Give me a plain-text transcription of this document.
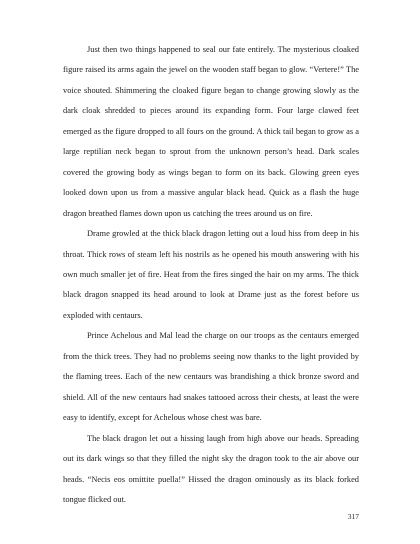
Just then two things happened to seal our fate entirely. The mysterious cloaked figure raised its arms again the jewel on the wooden staff began to glow. “Vertere!” The voice shouted. Shimmering the cloaked figure began to change growing slowly as the dark cloak shredded to pieces around its expanding form. Four large clawed feet emerged as the figure dropped to all fours on the ground. A thick tail began to grow as a large reptilian neck began to sprout from the unknown person’s head. Dark scales covered the growing body as wings began to form on its back. Glowing green eyes looked down upon us from a massive angular black head. Quick as a flash the huge dragon breathed flames down upon us catching the trees around us on fire.

Drame growled at the thick black dragon letting out a loud hiss from deep in his throat. Thick rows of steam left his nostrils as he opened his mouth answering with his own much smaller jet of fire. Heat from the fires singed the hair on my arms. The thick black dragon snapped its head around to look at Drame just as the forest before us exploded with centaurs.

Prince Achelous and Mal lead the charge on our troops as the centaurs emerged from the thick trees. They had no problems seeing now thanks to the light provided by the flaming trees. Each of the new centaurs was brandishing a thick bronze sword and shield. All of the new centaurs had snakes tattooed across their chests, at least the were easy to identify, except for Achelous whose chest was bare.

The black dragon let out a hissing laugh from high above our heads. Spreading out its dark wings so that they filled the night sky the dragon took to the air above our heads. “Necis eos omittite puella!” Hissed the dragon ominously as its black forked tongue flicked out.

317
